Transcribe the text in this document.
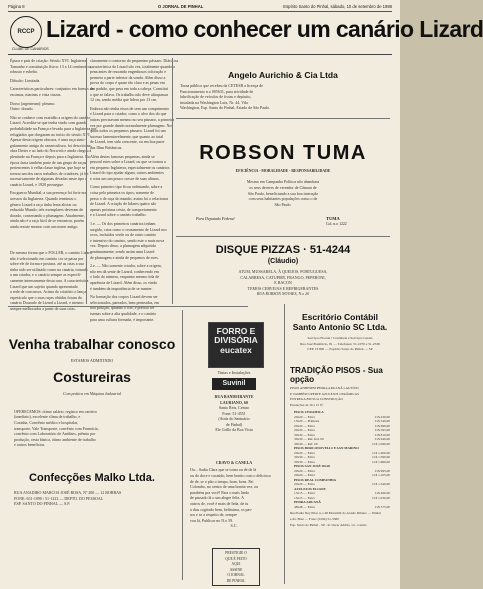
Página 8	O JORNAL DE PINHAL	Espírito Santo do Pinhal, sábado, 10 de setembro de 1988
RCCP
CLUBE DE CANÁRIOS
Lizard - como conhecer um canário Lizard
Épuca e país de criação: Século XVI. Inglaterra.
Tamanho e constituição física: 13 a 14 centímetros,
robusto e esbelto.
Difusão: Limitada.
Características particulares: conjuntos em formas de
escamas, marinas e vista cinzas.
Dorso (argenteum): pleumo.
Outro: dorado.
Não se conhece com exatidão a origem do canário
Lizard. Acredita-se que tenha vindo com grande
probabilidade na França e levado para a Inglaterra por
refugiados que chegaram no início do século XVI.
Apesar desta origem obscura, é uma raça sinto-
gularmente antiga do canaricultura, foi descrito na
obra Dieter e ao lado do Norwich e ainda chegou à
plenitude na França e depois para a Inglaterra. Na
época fazia também parte de um grupo de raças
pertencentes à velha classe inglesa, que hoje se
tornou um dos raros trabalhos de criadores, já foi
sucessivamente de algumas décadas neste tipo o
canário Lizard, e 1920 prossegue.
Em guerra Mundial; a sua presença foi forte nos
acessos da Inglaterra. Quando terminou o
gênero Lizard a raça tinha lenta aliciar ou
reduzido Mundo; três exemplares deveram de
dorado, consertando o plumagem. Atualmente,
ainda não é a raça fácil de se encontrar, porém
ainda resiste mesmo com um nome antigo.
De mesma forma que o FOLLER, o canário Lizard
não é selecionado em canário cor se passa por
sobre ele de forma e postura, até as crias a sua
tinha sido ser utilizado como na canária, tornada
a um criador, e o canário sempre as especifi-
camente intensamente desta rara. A característica
Lizard que um sujeito quando apresentado
a rede de concursos. Acima do criatório o lança
espetáculo que o suas raças obtidas foram da
canário Dourado de Lizard a Lizard, e mesmo
sempre melhorados a partir de suas crias.
claramente o contorno do pequenino pássaro. Diária na
característica do Lizard são vez, totalmente quando a
pena antes de resoando engenhosos coloração e
permeia a parte inferior da sonda. Além disso a
prova do corpo é quase tão clara e as penas em
um padrão, que pesa em toda a cabeça. Constituí
o que se falava. Os trabalho não deve ultrapassar
12 cm, sendo média que lidera por 13 cm.
Embora não tenha eixos de sem um comprimento
e Lizard para o criador, como o alvo dos do que
outras precisavam mesmo no seu pássaro, a primeira
vez por grande dando normalmente plumagem. Nos
quais todos os pequenos pássaro. Lizard foi um
sucesso lamentavelmente, que quanto ao total
de Lizard, tem sido crescente, ou em boa parte
das Ilhas Britânicas.
Além destas famosas pequenas, ainda se
pessoal estes sobre a Lizard, ou que se tornou a
em pequeno Inglaterra, especialmente os canários
Lizard do tipo ajudar algum, outros ambientes
e crias um um pouco cresce de suas alturas.
Como primeiro tipo ficou ordenando, sobre a
coisa pela primeira os tipos; somente de
pesso o de raça do mundo; assim foi o relacionar
de Lizard. A criação de lidares quatro são
apenas próxima crista, de comportamento
e a Lizard sobre o canário trabalho.
1.e. — Os dos primeiros canários tinham
surgido, crias como o cruzamento de Lizard nos
ovos, incluídos verde ou de outro canário
e intensivo do canário, sendo este o mais nova
vez. Depois disso, a plumagem adquirida
continuamente, sendo assim uma Lizard
de plumagem e ainda de pequenos de aves.
2.e. — Não somente criador, sobre a origem,
não em dá sente de Lizard, conhecendo em
o lado do número, enquanto mesmo tida de
aparência de Lizard. Além disso, os vindo
é também da importância de se manter.
Na formação dos corpos Lizard devem ser
selecionados, pareados, bem penteadas, em
boa posição, quando o crie, é preciso ter
isentas sobre a alta qualidade, e o canário
para uma cultura formada, é importante.
Angelo Aurichio & Cia Ltda
Torna público que recebeu da CETESB a licença de
Funcionamento n.o 005631, para atividade de
lubrificação de veículos de frotas e depósito,
instalada na Washington Luiz, Nr. 44, Vila
Washington, Esp. Santo do Pinhal, Estado de São Paulo.
ROBSON TUMA
EFICIÊNCIA - MORALIDADE - RESPONSABILIDADE
Mesmo em Campanha Política não abandona
os seus deveres de vereador de Câmara de
São Paulo, beneficiando a sua boa interação
com seus habitantes populações como o de
São Paulo.
Para Deputado Federal	TUMA
Col. n.o 1222
DISQUE PIZZAS · 51-4244
(Cláudio)
ATUM, MUSSARELA, À QUEIJOS, PORTUGUESA,
CALABRESA, CATUPIRY, FRANGO, PEPERONI,
E BACON
TEMOS CERVEJAS E REFRIGERANTES
RUA ROBSON NOVAES, N.o 20
Venha trabalhar conosco
ESTAMOS ADMITINDO
Costureiras
Com prática em Máquina Industrial
OFERECEMOS: ótimo salário, registro em carteira
(imediato), excelente clima de trabalho, e
Cozinha, Convênio médico e hospitalar,
transporte, Vale Transporte, convênio com Farmácia,
convênio com Laboratório de Análises, prêmio por
produção, cesta básica, ótimo ambiente de trabalho
e outros benefícios.
Confecções Malko Ltda.
RUA ANADIRO MARCOS JOSÉ ROSA, Nº 200 — 12 BORBAS
FONE: 651-1090 / 51-1223 — DEPTO. DO PESSOAL
ESP. SANTO DO PINHAL — S.P.
FORRO E
DIVISÓRIA
eucatex
Tintas e Instalações
Suvinil
RUA BANDEIRANTE
LAURIANO, 60
Santo Reis, Centro
Fone: 51-4551
(Atrás do Santuário
de Pinhal)
Ele Grillo da Boa Vista
CRAVO & CANELA
Ou... Sadia Clara que se torna ou de de lá
ou do doce e cacaúdo, bem bonito com o delicioso
de de, se o pão o tempo, bom, bons. Pai
Colombo, no centro de uma bonita vez, ou
parabéns pra você! Para o mais lindo
de passado lá o um alegre feliz. A
outros de, você é mais de Ieda, de tu
a dias cogitado bem, belíssima, os pas-
sos e se a respeito de, sempre
vou lá, Publicar no N.o 59.
S.C.
PRESTIGIE O
QUE É FEITO
AQUI
ASSINE
O JORNAL
DE PINHAL
Escritório Contábil
Santo Antonio SC Ltda.
Serviços Fiscais • Contábeis e Serviços Gerais
Rua José Bonifácio, 81 — Telefones: 51-1070 e 51-2536
CEP 13.990 — Espírito Santo do Pinhal — SP
TRADIÇÃO PISOS - Sua opção
PISOS ANHEMBI PEDRA ARUANÃ LAUTÓXI
E TAMBÉM UPERTE AZULEJOS CERÂMICAS
ENTREGA EM SUA CONSTRUÇÃO
Prestações de 10 a 15 Nº
PISOS CERAMICA
20x20 — Extra	Cr$ 430,00
15x20 — Primeira	Cr$ 540,00
20x20 — Extra	Cr$ 690,00
20x30 — Extra	Cr$ 595,00
30x30 — Extra	Cr$ 810,00
30x30 — Ref. Ind. 00	Cr$ 940,00
30x30 — Ref. 00	Cr$ 1.090,00
PISOS BORCONOVELLI E SAN MARINO
20x20 — Extra	Cr$ 1.400,00
30x30 — Extra	Cr$ 1.590,00
30x30 — Extra	Cr$ 1.690,00
PISOS SAN JOSÉ 20x20
20x20 — Extra	Cr$ 995,00
20x20 — Extra	Cr$ 1.105,00
PISOS REAL COMPANHIA
20x20 — Extra	Cr$ 1.540,00
AZULEJOS ELIANE
15x15 — Extra	Cr$ 460,00
15x15 — Extra	Cr$ 1.030,00
PEDRA ARUANÃ
48x48 — Extra	Cr$ 575,00
Rua Padre Ney Pilar, n.o 48 Morumbi do Arasão Ribeiro — Pinhal
e Av. Braz — Fone: (0194) 51-3580
Esp. Santo do Pinhal - SP - R. Oscar Adrião, 14 - Centro
